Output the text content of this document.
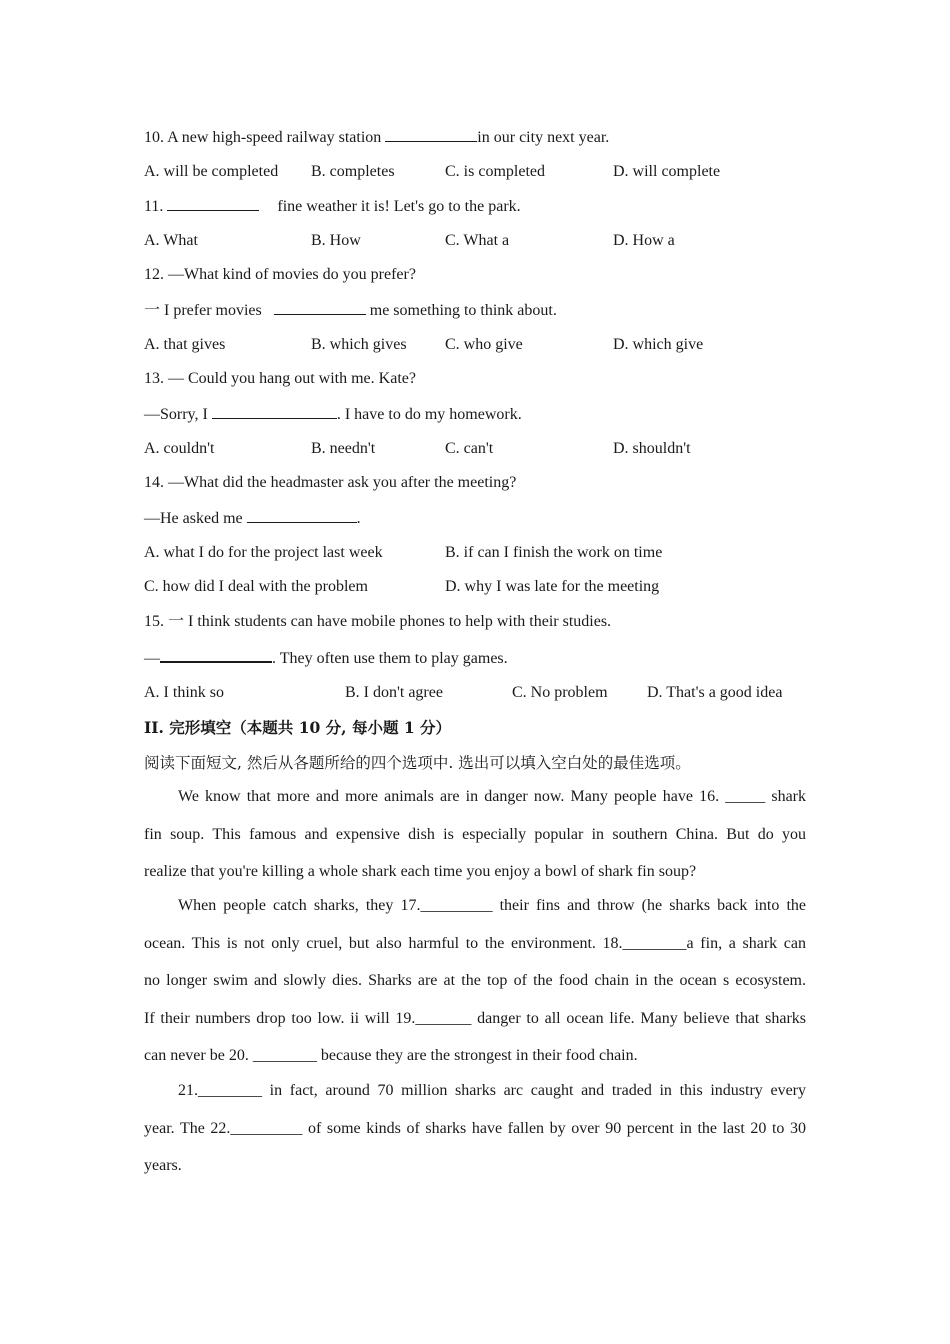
10. A new high-speed railway station	in our city next year.
A. will be completed B. completes	C. is completed	D. will complete
11.	fine weather it is! Let's go to the park.
A. What	B. How	C. What a	D. How a
12. —What kind of movies do you prefer?
一 I prefer movies	me something to think about.
A. that gives	B. which gives C. who give	D. which give
13. — Could you hang out with me. Kate?
—Sorry, I	. I have to do my homework.
A. couldn't	B. needn't	C. can't	D. shouldn't
14. —What did the headmaster ask you after the meeting?
—He asked me	.
A. what I do for the project last week	B. if can I finish the work on time
C. how did I deal with the problem	D. why I was late for the meeting
15. 一 I think students can have mobile phones to help with their studies.
—	. They often use them to play games.
A. I think so	B. I don't agree	C. No problem D. That's a good idea
II. 完形填空（本题共 10 分, 每小题 1 分）
阅读下面短文, 然后从各题所给的四个选项中. 选出可以填入空白处的最佳选项。
We know that more and more animals are in danger now. Many people have 16. _____ shark
fin soup. This famous and expensive dish is especially popular in southern China. But do you
realize that you're killing a whole shark each time you enjoy a bowl of shark fin soup?
When people catch sharks, they 17._________ their fins and throw (he sharks back into the
ocean. This is not only cruel, but also harmful to the environment. 18.________a fin, a shark can
no longer swim and slowly dies. Sharks are at the top of the food chain in the ocean s ecosystem.
If their numbers drop too low. ii will 19._______ danger to all ocean life. Many believe that sharks
can never be 20. ________ because they are the strongest in their food chain.
21.________ in fact, around 70 million sharks arc caught and traded in this industry every
year. The 22._________ of some kinds of sharks have fallen by over 90 percent in the last 20 to 30
years.
